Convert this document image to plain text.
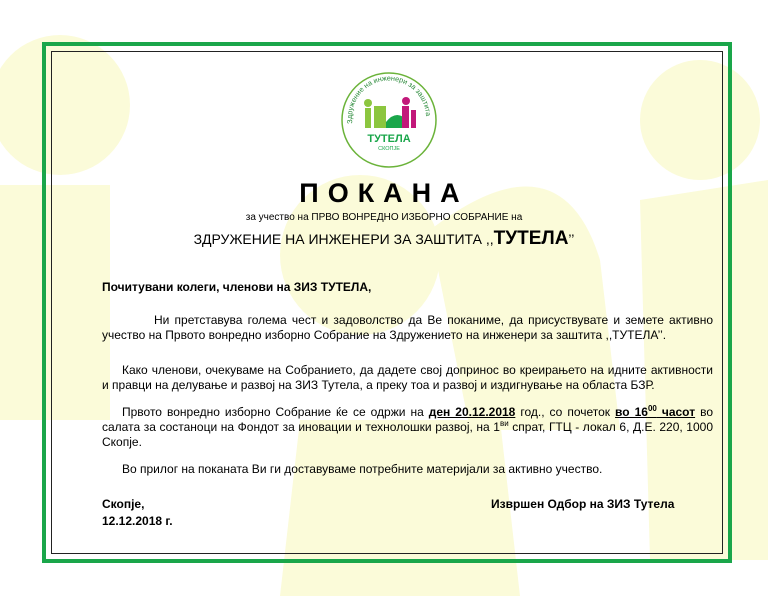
Здружение на инженери за заштита
ТУТЕЛА
СКОПЈЕ
ПОКАНА
за учество на ПРВО ВОНРЕДНО ИЗБОРНО СОБРАНИЕ на
ЗДРУЖЕНИЕ НА ИНЖЕНЕРИ ЗА ЗАШТИТА ,,ТУТЕЛА’’
Почитувани колеги, членови на ЗИЗ ТУТЕЛА,
Ни претставува голема чест и задоволство да Ве поканиме, да присуствувате и земете активно учество на Првото вонредно изборно Собрание на Здружението на инженери за заштита ,,ТУТЕЛА’’.
Како членови, очекуваме на Собранието, да дадете свој допринос во креирањето на идните активности и правци на делување и развој на ЗИЗ Тутела, а преку тоа и развој и издигнување на областа БЗР.
Првото вонредно изборно Собрание ќе се одржи на ден 20.12.2018 год., со почеток во $16^{00}$ часот во салата за состаноци на Фондот за иновации и технолошки развој, на $1^{ви}$ спрат, ГТЦ - локал 6, Д.Е. 220, 1000 Скопје.
Во прилог на поканата Ви ги доставуваме потребните материјали за активно учество.
Скопје,
12.12.2018 г.
Извршен Одбор на ЗИЗ Тутела
